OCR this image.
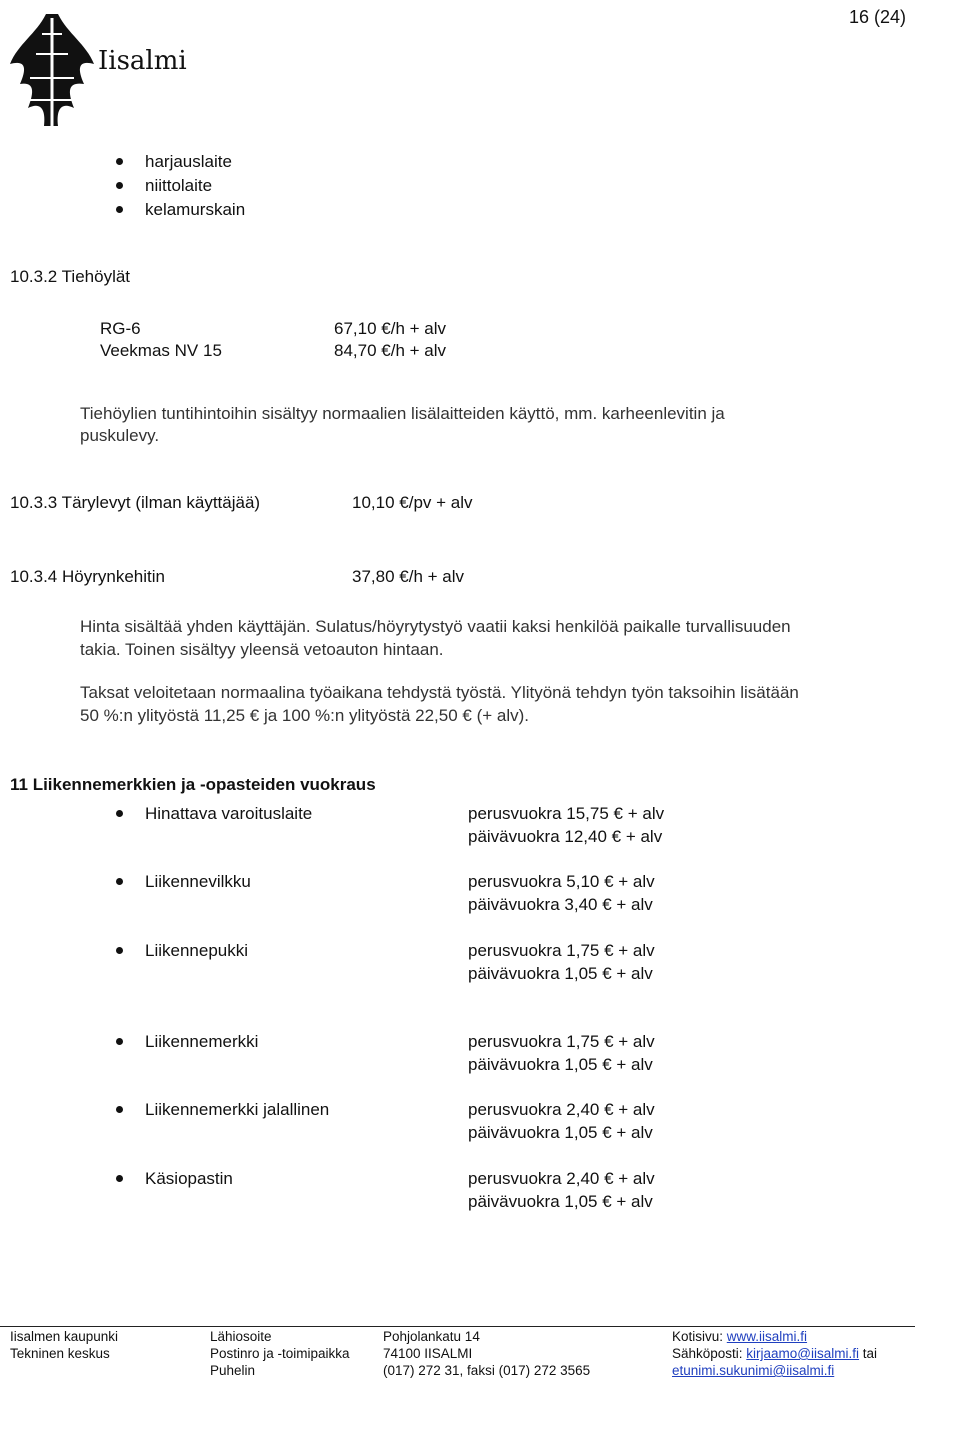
Iisalmi
16 (24)
harjauslaite
niittolaite
kelamurskain
10.3.2 Tiehöylät
RG-6	67,10 €/h + alv
Veekmas NV 15	84,70 €/h + alv
Tiehöylien tuntihintoihin sisältyy normaalien lisälaitteiden käyttö, mm. karheenlevitin ja
puskulevy.
10.3.3 Tärylevyt (ilman käyttäjää)	10,10 €/pv + alv
10.3.4 Höyrynkehitin	37,80 €/h + alv
Hinta sisältää yhden käyttäjän. Sulatus/höyrytystyö vaatii kaksi henkilöä paikalle turvallisuuden
takia. Toinen sisältyy yleensä vetoauton hintaan.
Taksat veloitetaan normaalina työaikana tehdystä työstä. Ylityönä tehdyn työn taksoihin lisätään
50 %:n ylityöstä 11,25 € ja 100 %:n ylityöstä 22,50 € (+ alv).
11 Liikennemerkkien ja -opasteiden vuokraus
Hinattava varoituslaite	perusvuokra 15,75 € + alv
päivävuokra 12,40 € + alv
Liikennevilkku	perusvuokra 5,10 € + alv
päivävuokra 3,40 € + alv
Liikennepukki	perusvuokra 1,75 € + alv
päivävuokra 1,05 € + alv
Liikennemerkki	perusvuokra 1,75 € + alv
päivävuokra 1,05 € + alv
Liikennemerkki jalallinen	perusvuokra 2,40 € + alv
päivävuokra 1,05 € + alv
Käsiopastin	perusvuokra 2,40 € + alv
päivävuokra 1,05 € + alv
Iisalmen kaupunki
Tekninen keskus
Lähiosoite
Postinro ja -toimipaikka
Puhelin
Pohjolankatu 14
74100 IISALMI
(017) 272 31, faksi (017) 272 3565
Kotisivu: www.iisalmi.fi
Sähköposti: kirjaamo@iisalmi.fi tai
etunimi.sukunimi@iisalmi.fi
